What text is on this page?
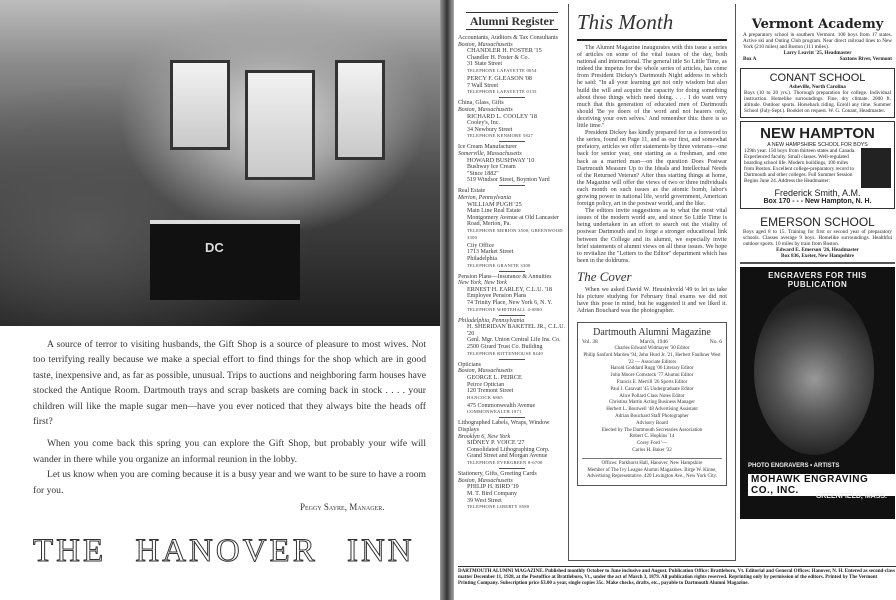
DC

A source of terror to visiting husbands, the Gift Shop is a source of pleasure to most wives. Not too terrifying really because we make a special effort to find things for the shop which are in good taste, inexpensive and, as far as possible, unusual. Trips to auctions and neighboring farm houses have stocked the Antique Room. Dartmouth trays and scrap baskets are coming back in stock . . . . your children will like the maple sugar men—have you ever noticed that they always bite the heads off first?

When you come back this spring you can explore the Gift Shop, but probably your wife will wander in there while you organize an informal reunion in the lobby.

Let us know when you are coming because it is a busy year and we want to be sure to have a room for you.

Peggy Sayre, Manager.
THE HANOVER INN
Alumni Register
Accountants, Auditors & Tax Consultants
Boston, Massachusetts
CHANDLER H. FOSTER '15
Chandler H. Foster & Co.
31 State Street
TELEPHONE LAFAYETTE 0054
PERCY F. GLEASON '08
7 Wall Street
TELEPHONE LAFAYETTE 0135
China, Glass, Gifts
Boston, Massachusetts
RICHARD L. COOLEY '18
Cooley's, Inc.
34 Newbury Street
TELEPHONE KENMORE 5827
Ice Cream Manufacturer
Somerville, Massachusetts
HOWARD BUSHWAY '10
Bushway Ice Cream
"Since 1882"
519 Windsor Street, Boynton Yard
Real Estate
Merion, Pennsylvania
WILLIAM PUGH '25
Main Line Real Estate
Montgomery Avenue at Old Lancaster Road, Merion, Pa.
TELEPHONE MERION 3500, GREENWOOD 3300
City Office
1713 Market Street
Philadelphia
TELEPHONE GRANITE 3300
Pension Plans—Insurance & Annuities
New York, New York
ERNEST H. EARLEY, C.L.U. '18
Employee Pension Plans
74 Trinity Place, New York 6, N. Y.
TELEPHONE WHITEHALL 4-0800
Philadelphia, Pennsylvania
H. SHERIDAN BAKETEL JR., C.L.U. '20
Genl. Mgr. Union Central Life Ins. Co.
2500 Girard Trust Co. Building
TELEPHONE RITTENHOUSE 8440
Opticians
Boston, Massachusetts
GEORGE L. PEIRCE
Peirce Optician
120 Tremont Street
HANCOCK 6865
475 Commonwealth Avenue
COMMONWEALTH 1971
Lithographed Labels, Wraps, Window Displays
Brooklyn 6, New York
SIDNEY P. VOICE '27
Consolidated Lithographing Corp.
Grand Street and Morgan Avenue
TELEPHONE EVERGREEN 8-6700
Stationery, Gifts, Greeting Cards
Boston, Massachusetts
PHILIP H. BIRD '19
M. T. Bird Company
39 West Street
TELEPHONE LIBERTY 8580
This Month

The Alumni Magazine inaugurates with this issue a series of articles on some of the vital issues of the day, both national and international. The general title So Little Time, as indeed the impetus for the whole series of articles, has come from President Dickey's Dartmouth Night address in which he said: "In all your learning get not only wisdom but also build the will and acquire the capacity for doing something about those things which need doing. . . . I do want very much that this generation of educated men of Dartmouth should 'Be ye doers of the word and not hearers only, deceiving your own selves.' And remember this: there is so little time."

President Dickey has kindly prepared for us a foreword to the series, found on Page 11, and as our first, and somewhat prefatory, articles we offer statements by three veterans—one back for senior year, one starting as a freshman, and one back as a married man—on the question Does Postwar Dartmouth Measure Up to the Ideals and Intellectual Needs of the Returned Veteran? After thus starting things at home, the Magazine will offer the views of two or three individuals each month on such issues as the atomic bomb, labor's growing power in national life, world government, American foreign policy, art in the postwar world, and the like.

The editors invite suggestions as to what the most vital issues of the modern world are, and since So Little Time is being undertaken in an effort to search out the vitality of postwar Dartmouth and to forge a stronger educational link between the College and its alumni, we especially invite brief statements of alumni views on all these issues. We hope to revitalize the "Letters to the Editor" department which has been in the doldrums.

The Cover

When we asked David W. Heusinkveld '49 to let us take his picture studying for February final exams we did not have this pose in mind, but he suggested it and we liked it. Adrian Bouchard was the photographer.

Dartmouth Alumni Magazine
Vol. 38	March, 1946	No. 6
Charles Edward Widmayer '30 Editor
Philip Sanford Marden '94, John Hurd Jr. '21, Herbert Faulkner West '22 — Associate Editors
Harold Goddard Rugg '06 Literary Editor
John Moore Comstock '77 Alumni Editor
Francis E. Merrill '26 Sports Editor
Paul J. Caravatt '45 Undergraduate Editor
Alice Pollard Class Notes Editor
Christina Martin Acting Business Manager
Herbert L. Boutwell '48 Advertising Assistant
Adrian Bouchard Staff Photographer
Advisory Board
Elected by The Dartmouth Secretaries Association
Robert C. Hopkins '14
Corey Ford '—
Carlos H. Baker '32
Offices: Parkhurst Hall, Hanover, New Hampshire
Member of The Ivy League Alumni Magazines. Birge W. Kinne, Advertising Representative. 420 Lexington Ave., New York City.
Vermont Academy
A preparatory school in southern Vermont. 100 boys from 17 states. Active ski and Outing Club program. Near direct railroad lines to New York (210 miles) and Boston (111 miles).
Larry Leavitt '25, Headmaster
Box A	Saxtons River, Vermont
CONANT SCHOOL
Asheville, North Carolina
Boys (10 to 20 yrs.). Thorough preparation for college. Individual instruction. Homelike surroundings. Fine, dry climate. 2000 ft. altitude. Outdoor sports. Horseback riding. Enroll any time. Summer School (July-Sept.). Booklet on request. W. G. Conant, Headmaster.
NEW HAMPTON
A NEW HAMPSHIRE SCHOOL FOR BOYS
129th year. 150 boys from thirteen states and Canada. Experienced faculty. Small classes. Well-regulated boarding school life. Modern buildings, 100 miles from Boston. Excellent college-preparatory record to Dartmouth and other colleges. Full Summer Session Begins June 24. Address the Headmaster:
Frederick Smith, A.M.
Box 170 - - - New Hampton, N. H.
EMERSON SCHOOL
Boys aged 8 to 15. Training for first or second year of preparatory schools. Classes average 9 boys. Homelike surroundings. Healthful outdoor sports. 10 miles by train from Boston.
Edward E. Emerson '26, Headmaster
Box 836, Exeter, New Hampshire
ENGRAVERS FOR THIS PUBLICATION
PHOTO ENGRAVERS • ARTISTS
MOHAWK ENGRAVING CO., INC.
GREENFIELD, MASS.
DARTMOUTH ALUMNI MAGAZINE. Published monthly October to June inclusive and August. Publication Office: Brattleboro, Vt. Editorial and General Offices: Hanover, N. H. Entered as second-class matter December 11, 1928, at the Postoffice at Brattleboro, Vt., under the act of March 3, 1879. All publication rights reserved. Reprinting only by permission of the editors. Printed by The Vermont Printing Company. Subscription price $3.00 a year, single copies 35c. Make checks, drafts, etc., payable to Dartmouth Alumni Magazine.
